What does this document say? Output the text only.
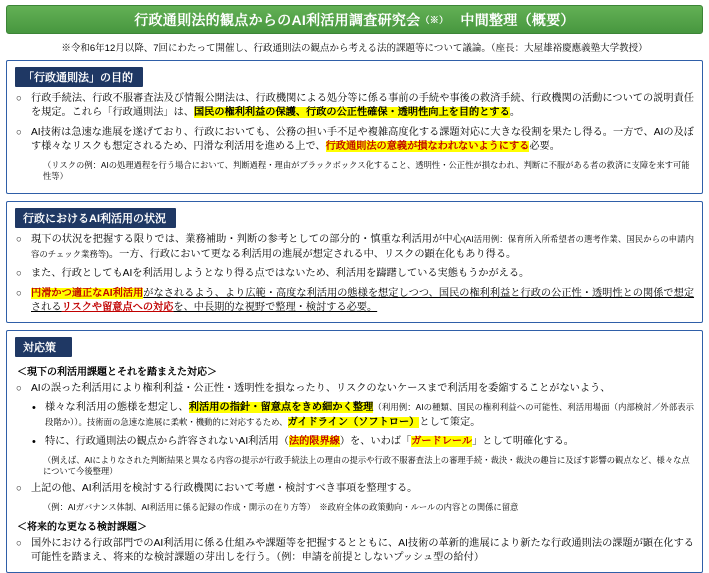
行政通則法的観点からのAI利活用調査研究会 （※） 中間整理（概要）
※令和6年12月以降、7回にわたって開催し、行政通則法の観点から考える法的課題等について議論。（座長：大屋雄裕慶應義塾大学教授）
「行政通則法」の目的
○ 行政手続法、行政不服審査法及び情報公開法は、行政機関による処分等に係る事前の手続や事後の救済手続、行政機関の活動についての説明責任を規定。これら「行政通則法」は、国民の権利利益の保護、行政の公正性確保・透明性向上を目的とする。
○ AI技術は急速な進展を遂げており、行政においても、公務の担い手不足や複雑高度化する課題対応に大きな役割を果たし得る。一方で、AIの及ぼす様々なリスクも想定されるため、円滑な利活用を進める上で、行政通則法の意義が損なわれないようにする必要。
（リスクの例：AIの処理過程を行う場合において、判断過程・理由がブラックボックス化すること、透明性・公正性が損なわれ、判断に不服がある者の救済に支障を来す可能性等）
行政におけるAI利活用の状況
○ 現下の状況を把握する限りでは、業務補助・判断の参考としての部分的・慎重な利活用が中心(AI活用例：保育所入所希望者の選考作業、国民からの申請内容のチェック業務等)。一方、行政において更なる利活用の進展が想定される中、リスクの顕在化もあり得る。
○ また、行政としてもAIを利活用しようとなり得る点ではないため、利活用を躊躇している実態もうかがえる。
○ 円滑かつ適正なAI利活用がなされるよう、より広範・高度な利活用の態様を想定しつつ、国民の権利利益と行政の公正性・透明性との関係で想定されるリスクや留意点への対応を、中長期的な視野で整理・検討する必要。
対応策
＜現下の利活用課題とそれを踏まえた対応＞
○ AIの誤った利活用により権利利益・公正性・透明性を損なったり、リスクのないケースまで利活用を委縮することがないよう、
• 様々な利活用の態様を想定し、利活用の指針・留意点をきめ細かく整理（利用例：AIの種類、国民の権利利益への可能性、利活用場面（内部検討／外部表示段階か））。技術面の急速な進展に柔軟・機動的に対応するため、ガイドライン（ソフトロー）として策定。
• 特に、行政通則法の観点から許容されないAI利活用（法的限界線）を、いわば「ガードレール」として明確化する。
（例えば、AIによりなされた判断結果と異なる内容の提示が行政手続法上の理由の提示や行政不服審査法上の審理手続・裁決・裁決の趣旨に及ぼす影響の観点など、様々な点について今後整理）
○ 上記の他、AI利活用を検討する行政機関において考慮・検討すべき事項を整理する。
（例：AIガバナンス体制、AI利活用に係る記録の作成・開示の在り方等）　※政府全体の政策動向・ルールの内容との関係に留意
＜将来的な更なる検討課題＞
○ 国外における行政部門でのAI利活用に係る仕組みや課題等を把握するとともに、AI技術の革新的進展により新たな行政通則法の課題が顕在化する可能性を踏まえ、将来的な検討課題の芽出しを行う。（例：申請を前提としないプッシュ型の給付）
